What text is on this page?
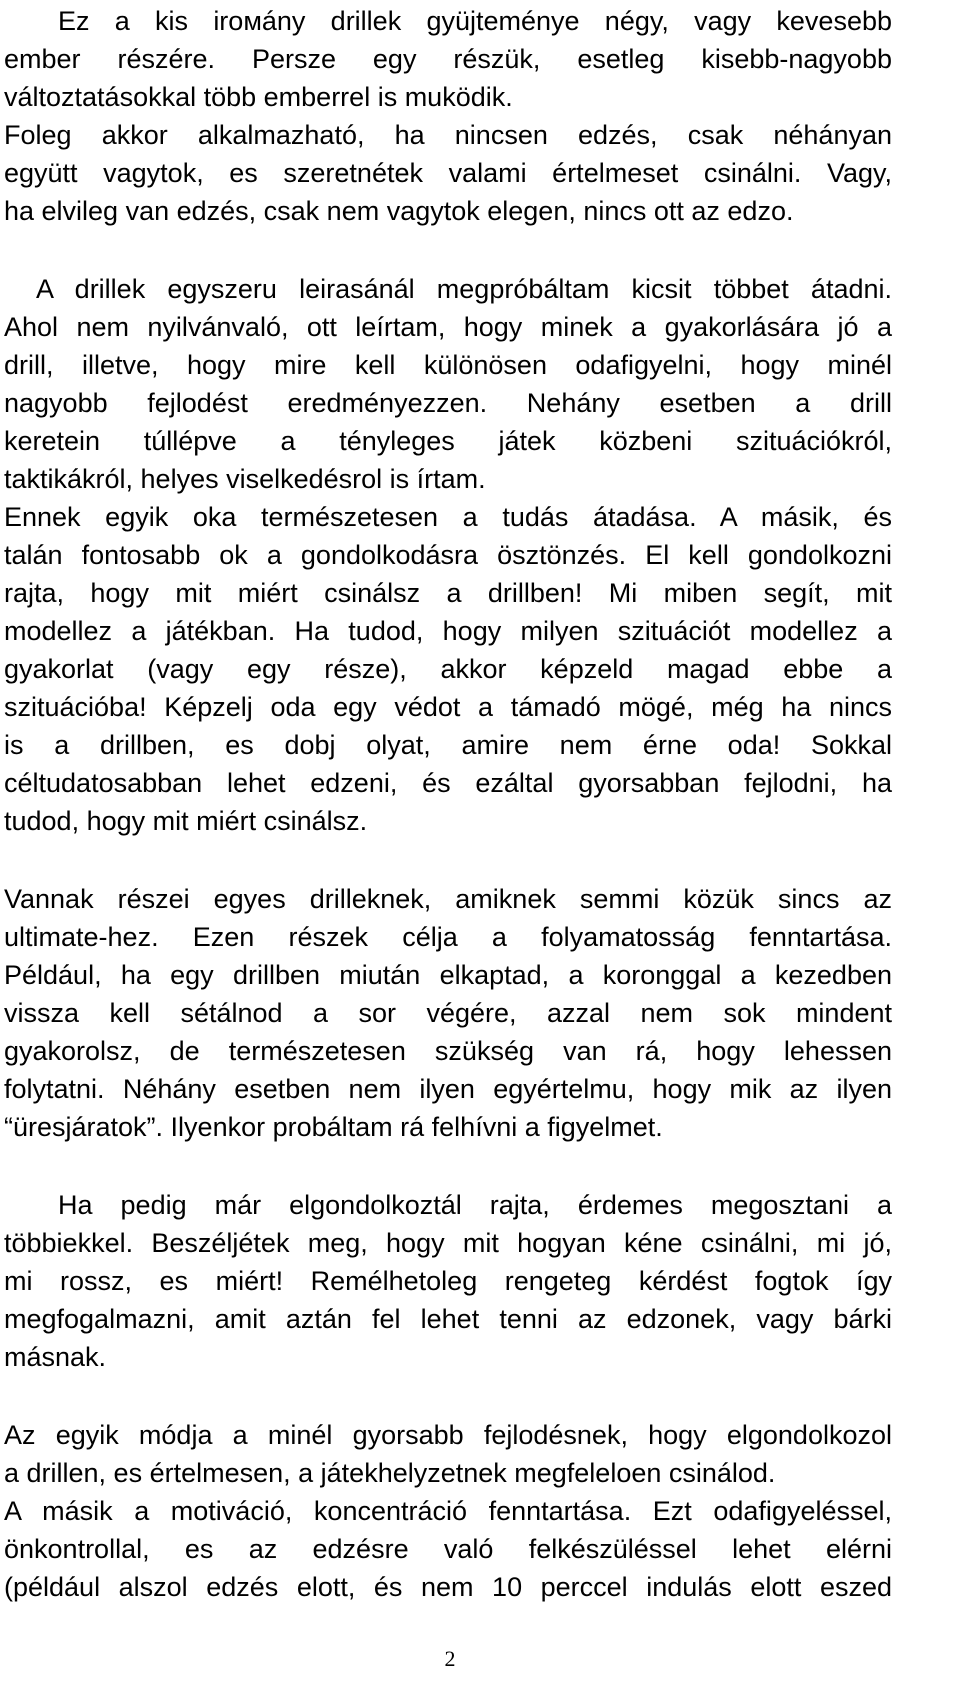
Ez a kis irомány drillek gyüjteménye négy, vagy kevesebb
ember részére. Persze egy részük, esetleg kisebb-nagyobb
változtatásokkal több emberrel is muködik.
Foleg akkor alkalmazható, ha nincsen edzés, csak néhányan
együtt vagytok, es szeretnétek valami értelmeset csinálni. Vagy,
ha elvileg van edzés, csak nem vagytok elegen, nincs ott az edzo.
A drillek egyszeru leirasánál megpróbáltam kicsit többet átadni.
Ahol nem nyilvánvaló, ott leírtam, hogy minek a gyakorlására jó a
drill, illetve, hogy mire kell különösen odafigyelni, hogy minél
nagyobb fejlodést eredményezzen. Nehány esetben a drill
keretein túllépve a tényleges játek közbeni szituációkról,
taktikákról, helyes viselkedésrol is írtam.
Ennek egyik oka természetesen a tudás átadása. A másik, és
talán fontosabb ok a gondolkodásra ösztönzés. El kell gondolkozni
rajta, hogy mit miért csinálsz a drillben! Mi miben segít, mit
modellez a játékban. Ha tudod, hogy milyen szituációt modellez a
gyakorlat (vagy egy része), akkor képzeld magad ebbe a
szituációba! Képzelj oda egy védot a támadó mögé, még ha nincs
is a drillben, es dobj olyat, amire nem érne oda! Sokkal
céltudatosabban lehet edzeni, és ezáltal gyorsabban fejlodni, ha
tudod, hogy mit miért csinálsz.
Vannak részei egyes drilleknek, amiknek semmi közük sincs az
ultimate-hez. Ezen részek célja a folyamatosság fenntartása.
Például, ha egy drillben miután elkaptad, a koronggal a kezedben
vissza kell sétálnod a sor végére, azzal nem sok mindent
gyakorolsz, de természetesen szükség van rá, hogy lehessen
folytatni. Néhány esetben nem ilyen egyértelmu, hogy mik az ilyen
“üresjáratok”. Ilyenkor probáltam rá felhívni a figyelmet.
Ha pedig már elgondolkoztál rajta, érdemes megosztani a
többiekkel. Beszéljétek meg, hogy mit hogyan kéne csinálni, mi jó,
mi rossz, es miért! Remélhetoleg rengeteg kérdést fogtok így
megfogalmazni, amit aztán fel lehet tenni az edzonek, vagy bárki
másnak.
Az egyik módja a minél gyorsabb fejlodésnek, hogy elgondolkozol
a drillen, es értelmesen, a játekhelyzetnek megfeleloen csinálod.
A másik a motiváció, koncentráció fenntartása. Ezt odafigyeléssel,
önkontrollal, es az edzésre való felkészüléssel lehet elérni
(például alszol edzés elott, és nem 10 perccel indulás elott eszed
2
